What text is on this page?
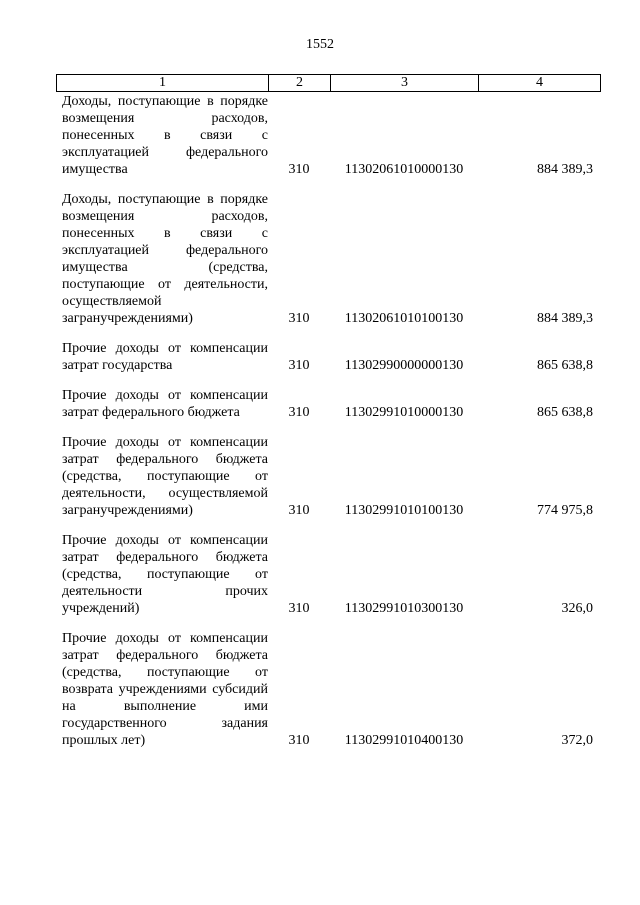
1552
1	2	3	4
Доходы, поступающие в порядке возмещения расходов, понесенных в связи с эксплуатацией федерального имущества	310	11302061010000130	884 389,3
Доходы, поступающие в порядке возмещения расходов, понесенных в связи с эксплуатацией федерального имущества (средства, поступающие от деятельности, осуществляемой загранучреждениями)	310	11302061010100130	884 389,3
Прочие доходы от компенсации затрат государства	310	11302990000000130	865 638,8
Прочие доходы от компенсации затрат федерального бюджета	310	11302991010000130	865 638,8
Прочие доходы от компенсации затрат федерального бюджета (средства, поступающие от деятельности, осуществляемой загранучреждениями)	310	11302991010100130	774 975,8
Прочие доходы от компенсации затрат федерального бюджета (средства, поступающие от деятельности прочих учреждений)	310	11302991010300130	326,0
Прочие доходы от компенсации затрат федерального бюджета (средства, поступающие от возврата учреждениями субсидий на выполнение ими государственного задания прошлых лет)	310	11302991010400130	372,0
